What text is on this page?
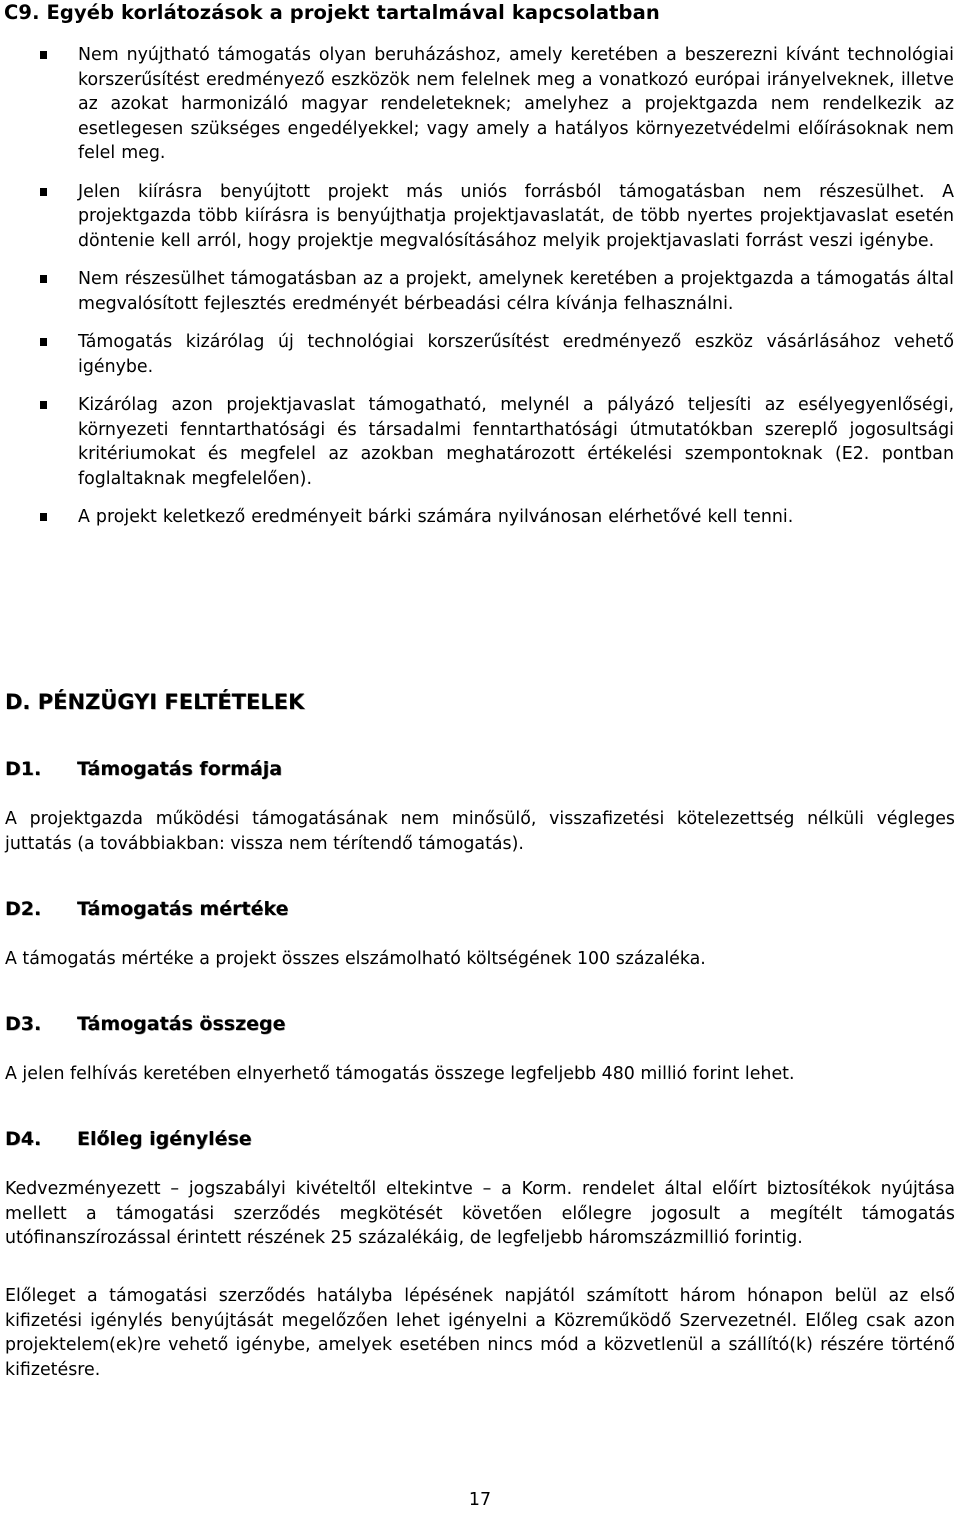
C9. Egyéb korlátozások a projekt tartalmával kapcsolatban
Nem nyújtható támogatás olyan beruházáshoz, amely keretében a beszerezni kívánt technológiai korszerűsítést eredményező eszközök nem felelnek meg a vonatkozó európai irányelveknek, illetve az azokat harmonizáló magyar rendeleteknek; amelyhez a projektgazda nem rendelkezik az esetlegesen szükséges engedélyekkel; vagy amely a hatályos környezetvédelmi előírásoknak nem felel meg.
Jelen kiírásra benyújtott projekt más uniós forrásból támogatásban nem részesülhet. A projektgazda több kiírásra is benyújthatja projektjavaslatát, de több nyertes projektjavaslat esetén döntenie kell arról, hogy projektje megvalósításához melyik projektjavaslati forrást veszi igénybe.
Nem részesülhet támogatásban az a projekt, amelynek keretében a projektgazda a támogatás által megvalósított fejlesztés eredményét bérbeadási célra kívánja felhasználni.
Támogatás kizárólag új technológiai korszerűsítést eredményező eszköz vásárlásához vehető igénybe.
Kizárólag azon projektjavaslat támogatható, melynél a pályázó teljesíti az esélyegyenlőségi, környezeti fenntarthatósági és társadalmi fenntarthatósági útmutatókban szereplő jogosultsági kritériumokat és megfelel az azokban meghatározott értékelési szempontoknak (E2. pontban foglaltaknak megfelelően).
A projekt keletkező eredményeit bárki számára nyilvánosan elérhetővé kell tenni.
D. PÉNZÜGYI FELTÉTELEK
D1. Támogatás formája

A projektgazda működési támogatásának nem minősülő, visszafizetési kötelezettség nélküli végleges juttatás (a továbbiakban: vissza nem térítendő támogatás).

D2. Támogatás mértéke

A támogatás mértéke a projekt összes elszámolható költségének 100 százaléka.

D3. Támogatás összege

A jelen felhívás keretében elnyerhető támogatás összege legfeljebb 480 millió forint lehet.

D4. Előleg igénylése

Kedvezményezett – jogszabályi kivételtől eltekintve – a Korm. rendelet által előírt biztosítékok nyújtása mellett a támogatási szerződés megkötését követően előlegre jogosult a megítélt támogatás utófinanszírozással érintett részének 25 százalékáig, de legfeljebb háromszázmillió forintig.

Előleget a támogatási szerződés hatályba lépésének napjától számított három hónapon belül az első kifizetési igénylés benyújtását megelőzően lehet igényelni a Közreműködő Szervezetnél. Előleg csak azon projektelem(ek)re vehető igénybe, amelyek esetében nincs mód a közvetlenül a szállító(k) részére történő kifizetésre.

17
